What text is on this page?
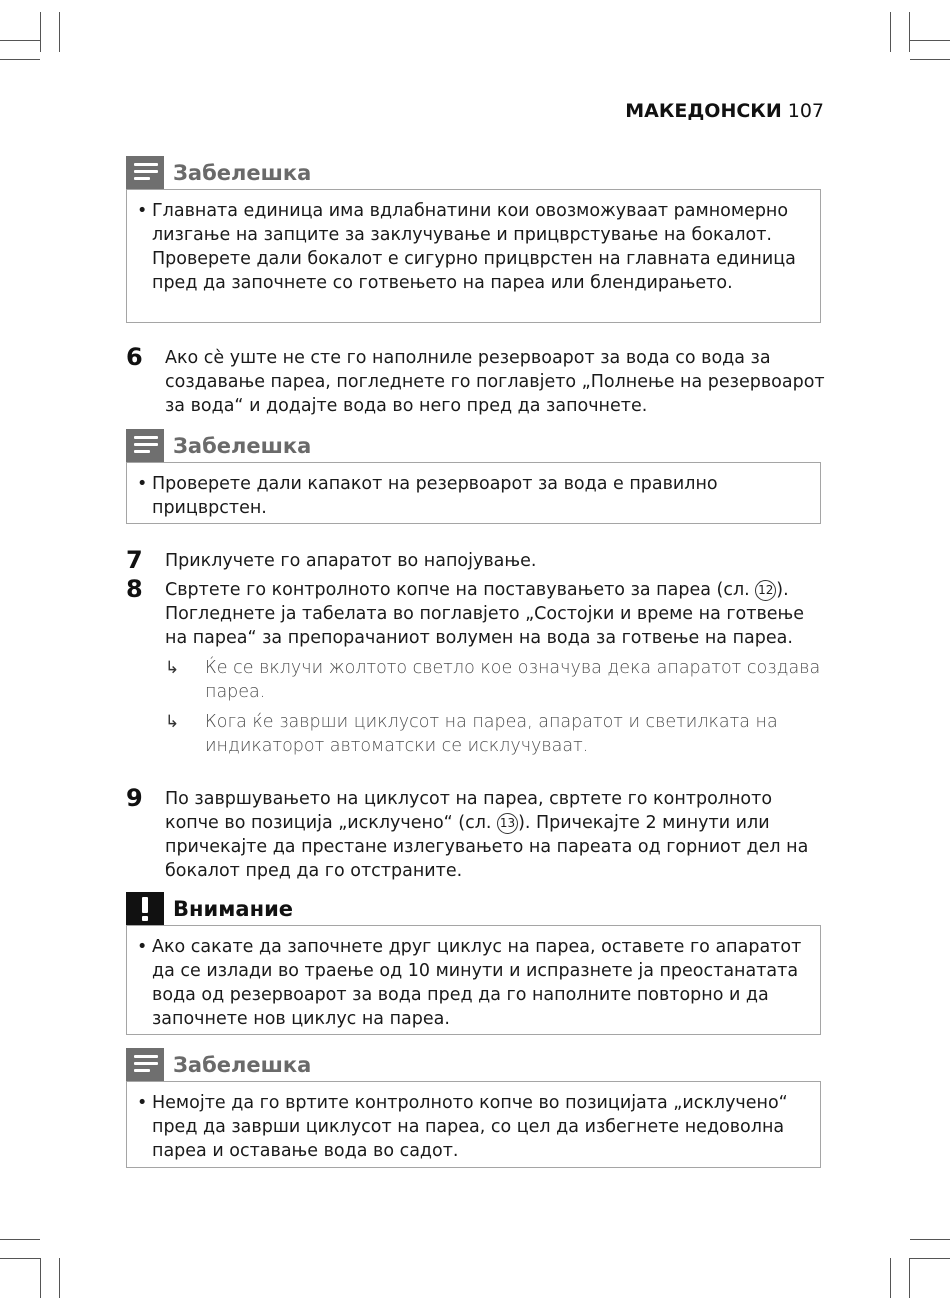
МАКЕДОНСКИ 107
Забелешка
• Главната единица има вдлабнатини кои овозможуваат рамномерно лизгање на запците за заклучување и прицврстување на бокалот. Проверете дали бокалот е сигурно прицврстен на главната единица пред да започнете со готвењето на пареа или блендирањето.
6 Ако сè уште не сте го наполниле резервоарот за вода со вода за создавање пареа, погледнете го поглавјето „Полнење на резервоарот за вода“ и додајте вода во него пред да започнете.
Забелешка
• Проверете дали капакот на резервоарот за вода е правилно прицврстен.
7 Приклучете го апаратот во напојување.
8 Свртете го контролното копче на поставувањето за пареа (сл. 12 ). Погледнете ја табелата во поглавјето „Состојки и време на готвење на пареа“ за препорачаниот волумен на вода за готвење на пареа.
↳ Ќе се вклучи жолтото светло кое означува дека апаратот создава пареа.
↳ Кога ќе заврши циклусот на пареа, апаратот и светилката на индикаторот автоматски се исклучуваат.
9 По завршувањето на циклусот на пареа, свртете го контролното копче во позиција „исклучено“ (сл. 13 ). Причекајте 2 минути или причекајте да престане излегувањето на пареата од горниот дел на бокалот пред да го отстраните.
Внимание
• Ако сакате да започнете друг циклус на пареа, оставете го апаратот да се излади во траење од 10 минути и испразнете ја преостанатата вода од резервоарот за вода пред да го наполните повторно и да започнете нов циклус на пареа.
Забелешка
• Немојте да го вртите контролното копче во позицијата „исклучено“ пред да заврши циклусот на пареа, со цел да избегнете недоволна пареа и оставање вода во садот.
